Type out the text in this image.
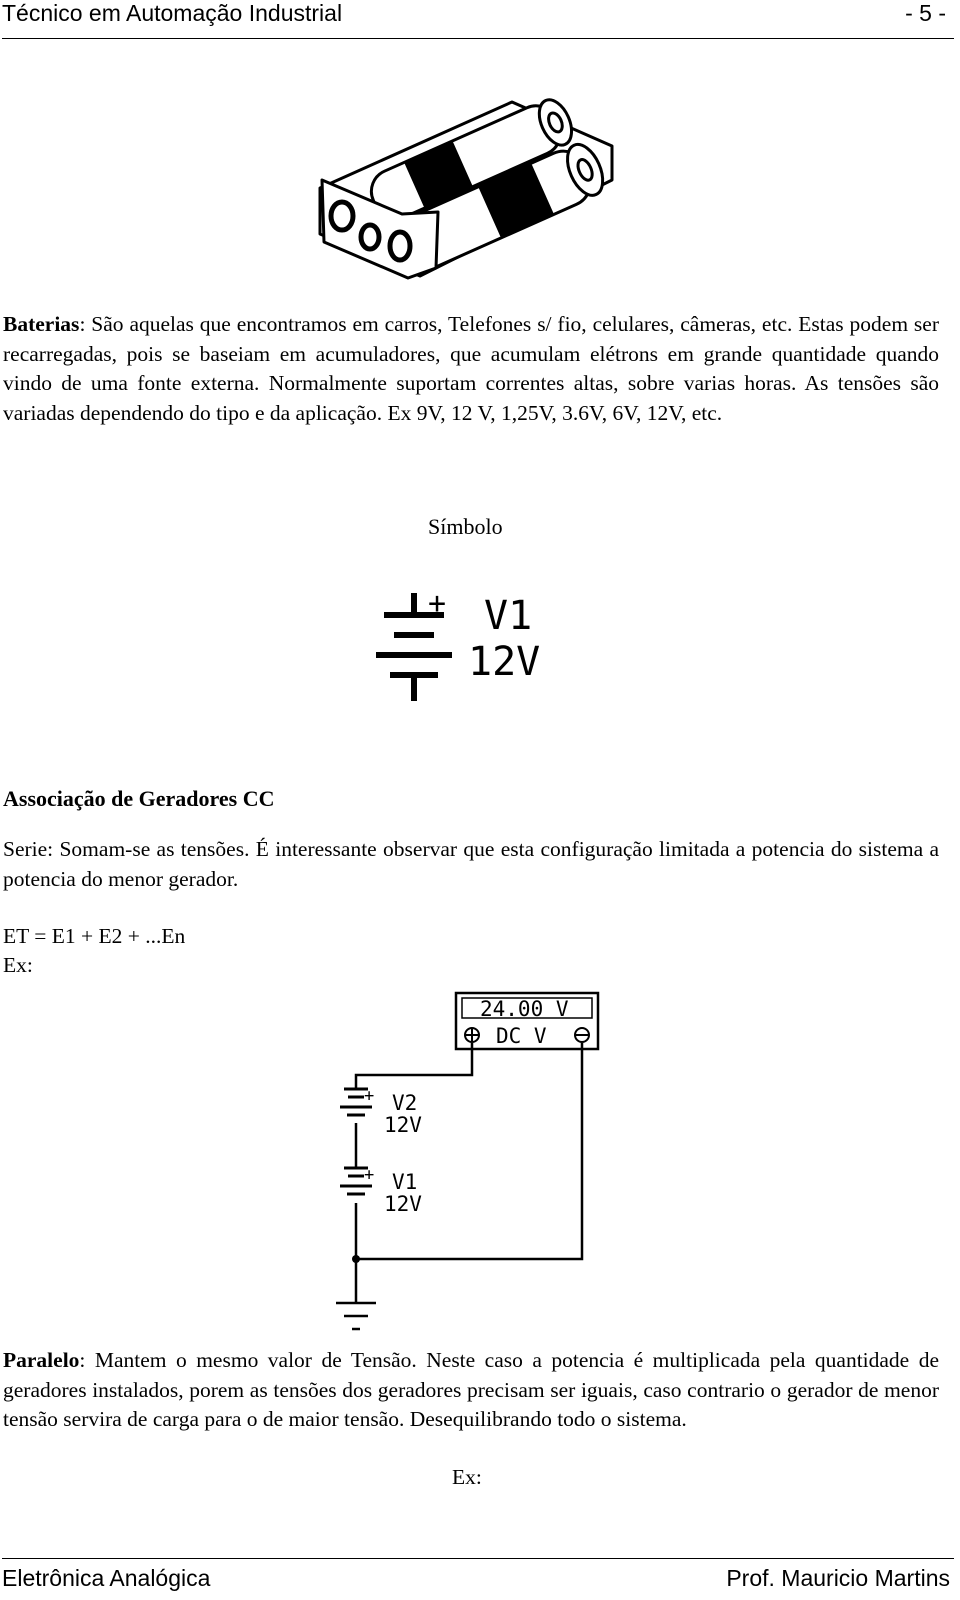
Técnico em Automação Industrial	- 5 -
Baterias: São aquelas que encontramos em carros, Telefones s/ fio, celulares, câmeras, etc. Estas podem ser recarregadas, pois se baseiam em acumuladores, que acumulam elétrons em grande quantidade quando vindo de uma fonte externa. Normalmente suportam correntes altas, sobre varias horas. As tensões são variadas dependendo do tipo e da aplicação. Ex 9V, 12 V, 1,25V, 3.6V, 6V, 12V, etc.
Símbolo
+ V1
12V
Associação de Geradores CC
Serie: Somam-se as tensões. É interessante observar que esta configuração limitada a potencia do sistema a potencia do menor gerador.
ET = E1 + E2 + ...En
Ex:
24.00 V
DC V
+ V2
12V
+ V1
12V
Paralelo: Mantem o mesmo valor de Tensão. Neste caso a potencia é multiplicada pela quantidade de geradores instalados, porem as tensões dos geradores precisam ser iguais, caso contrario o gerador de menor tensão servira de carga para o de maior tensão. Desequilibrando todo o sistema.
Ex:
Eletrônica Analógica	Prof. Mauricio Martins
